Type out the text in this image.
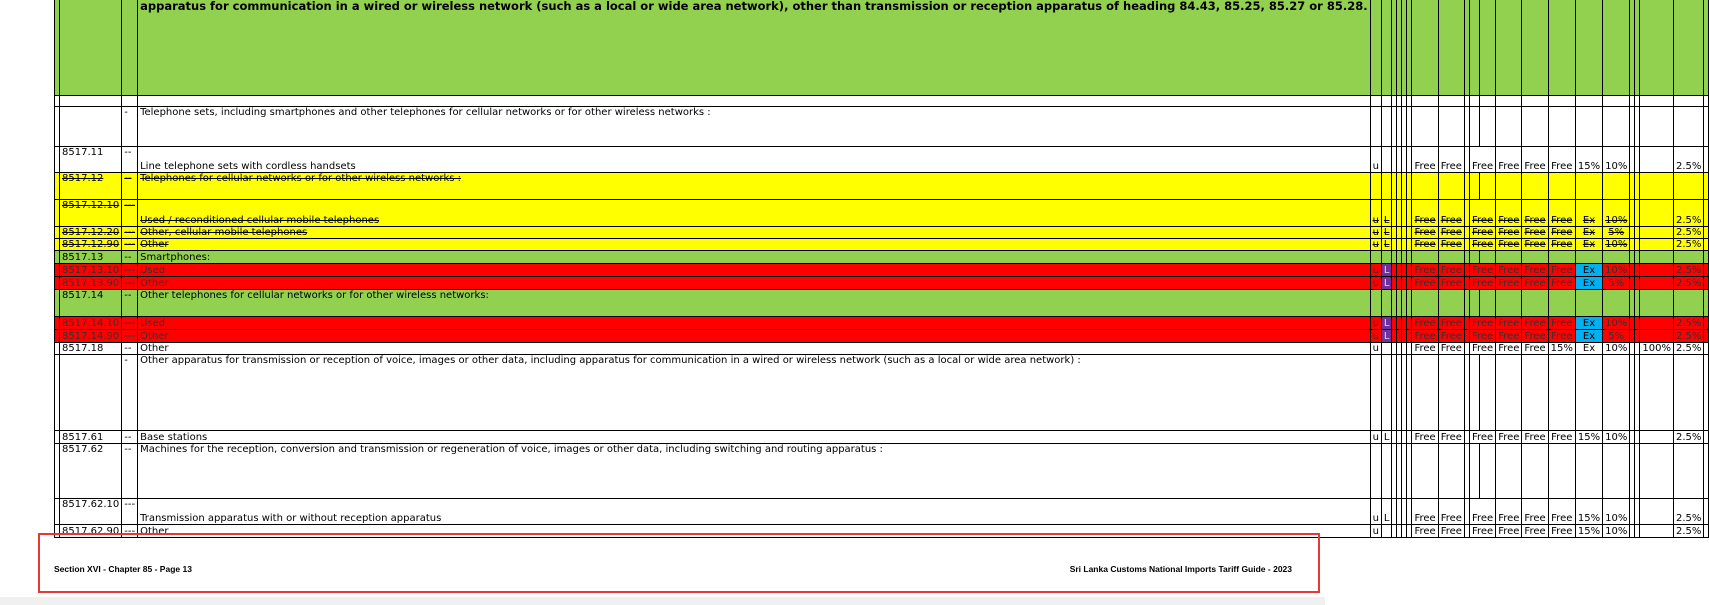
			apparatus for communication in a wired or wireless network (such as a local or wide area network), other than transmission or reception apparatus of heading 84.43, 85.25, 85.27 or 85.28.																					

		-	Telephone sets, including smartphones and other telephones for cellular networks or for other wireless networks :																					
	8517.11	--	Line telephone sets with cordless handsets	u						Free	Free		Free		Free	Free	Free	15%	10%				2.5%	
	8517.12	--	Telephones for cellular networks or for other wireless networks :																					
	8517.12.10	---	Used / reconditioned cellular mobile telephones	u	L					Free	Free		Free		Free	Free	Free	Ex	10%				2.5%	
	8517.12.20	---	Other, cellular mobile telephones	u	L					Free	Free		Free		Free	Free	Free	Ex	5%				2.5%	
	8517.12.90	---	Other	u	L					Free	Free		Free		Free	Free	Free	Ex	10%				2.5%	
	8517.13	--	Smartphones:																					
	8517.13.10	---	Used	u	L					Free	Free		Free		Free	Free	Free	Ex	10%				2.5%	
	8517.13.90	---	Other	u	L					Free	Free		Free		Free	Free	Free	Ex	5%				2.5%	
	8517.14	--	Other telephones for cellular networks or for other wireless networks:																					
	8517.14.10	---	Used	u	L					Free	Free		Free		Free	Free	Free	Ex	10%				2.5%	
	8517.14.90	---	Other	u	L					Free	Free		Free		Free	Free	Free	Ex	5%				2.5%	
	8517.18	--	Other	u						Free	Free		Free		Free	Free	15%	Ex	10%			100%	2.5%	
		-	Other apparatus for transmission or reception of voice, images or other data, including apparatus for communication in a wired or wireless network (such as a local or wide area network) :																					
	8517.61	--	Base stations	u	L					Free	Free		Free		Free	Free	Free	15%	10%				2.5%	
	8517.62	--	Machines for the reception, conversion and transmission or regeneration of voice, images or other data, including switching and routing apparatus :																					
	8517.62.10	---	Transmission apparatus with or without reception apparatus	u	L					Free	Free		Free		Free	Free	Free	15%	10%				2.5%	
	8517.62.90	---	Other	u						Free	Free		Free		Free	Free	Free	15%	10%				2.5%	
Section XVI - Chapter 85 - Page 13	Sri Lanka Customs National Imports Tariff Guide - 2023
